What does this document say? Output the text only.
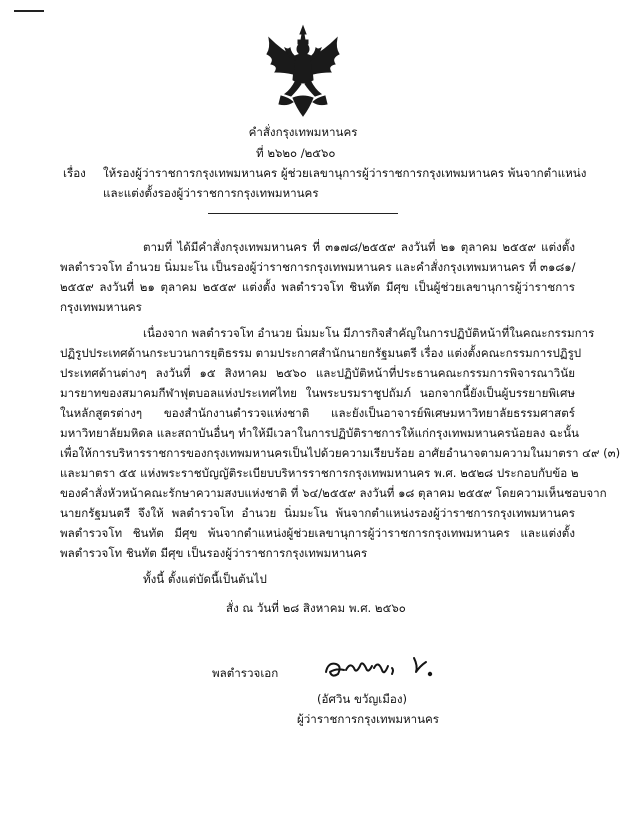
คำสั่งกรุงเทพมหานคร
ที่ ๒๖๒๐ /๒๕๖๐
เรื่อง ให้รองผู้ว่าราชการกรุงเทพมหานคร ผู้ช่วยเลขานุการผู้ว่าราชการกรุงเทพมหานคร พ้นจากตำแหน่ง
และแต่งตั้งรองผู้ว่าราชการกรุงเทพมหานคร
ตามที่ ได้มีคำสั่งกรุงเทพมหานคร ที่ ๓๑๗๘/๒๕๕๙ ลงวันที่ ๒๑ ตุลาคม ๒๕๕๙ แต่งตั้ง
พลตำรวจโท อำนวย นิ่มมะโน เป็นรองผู้ว่าราชการกรุงเทพมหานคร และคำสั่งกรุงเทพมหานคร ที่ ๓๑๘๑/
๒๕๕๙ ลงวันที่ ๒๑ ตุลาคม ๒๕๕๙ แต่งตั้ง พลตำรวจโท ชินทัต มีศุข เป็นผู้ช่วยเลขานุการผู้ว่าราชการ
กรุงเทพมหานคร
เนื่องจาก พลตำรวจโท อำนวย นิ่มมะโน มีภารกิจสำคัญในการปฏิบัติหน้าที่ในคณะกรรมการ
ปฏิรูปประเทศด้านกระบวนการยุติธรรม ตามประกาศสำนักนายกรัฐมนตรี เรื่อง แต่งตั้งคณะกรรมการปฏิรูป
ประเทศด้านต่างๆ ลงวันที่ ๑๕ สิงหาคม ๒๕๖๐ และปฏิบัติหน้าที่ประธานคณะกรรมการพิจารณาวินัย
มารยาทของสมาคมกีฬาฟุตบอลแห่งประเทศไทย ในพระบรมราชูปถัมภ์ นอกจากนี้ยังเป็นผู้บรรยายพิเศษ
ในหลักสูตรต่างๆ ของสำนักงานตำรวจแห่งชาติ และยังเป็นอาจารย์พิเศษมหาวิทยาลัยธรรมศาสตร์
มหาวิทยาลัยมหิดล และสถาบันอื่นๆ ทำให้มีเวลาในการปฏิบัติราชการให้แก่กรุงเทพมหานครน้อยลง ฉะนั้น
เพื่อให้การบริหารราชการของกรุงเทพมหานครเป็นไปด้วยความเรียบร้อย อาศัยอำนาจตามความในมาตรา ๔๙ (๓)
และมาตรา ๕๕ แห่งพระราชบัญญัติระเบียบบริหารราชการกรุงเทพมหานคร พ.ศ. ๒๕๒๘ ประกอบกับข้อ ๒
ของคำสั่งหัวหน้าคณะรักษาความสงบแห่งชาติ ที่ ๖๔/๒๕๕๙ ลงวันที่ ๑๘ ตุลาคม ๒๕๕๙ โดยความเห็นชอบจาก
นายกรัฐมนตรี จึงให้ พลตำรวจโท อำนวย นิ่มมะโน พ้นจากตำแหน่งรองผู้ว่าราชการกรุงเทพมหานคร
พลตำรวจโท ชินทัต มีศุข พ้นจากตำแหน่งผู้ช่วยเลขานุการผู้ว่าราชการกรุงเทพมหานคร และแต่งตั้ง
พลตำรวจโท ชินทัต มีศุข เป็นรองผู้ว่าราชการกรุงเทพมหานคร
ทั้งนี้ ตั้งแต่บัดนี้เป็นต้นไป
สั่ง ณ วันที่ ๒๘ สิงหาคม พ.ศ. ๒๕๖๐
พลตำรวจเอก
(อัศวิน ขวัญเมือง)
ผู้ว่าราชการกรุงเทพมหานคร
